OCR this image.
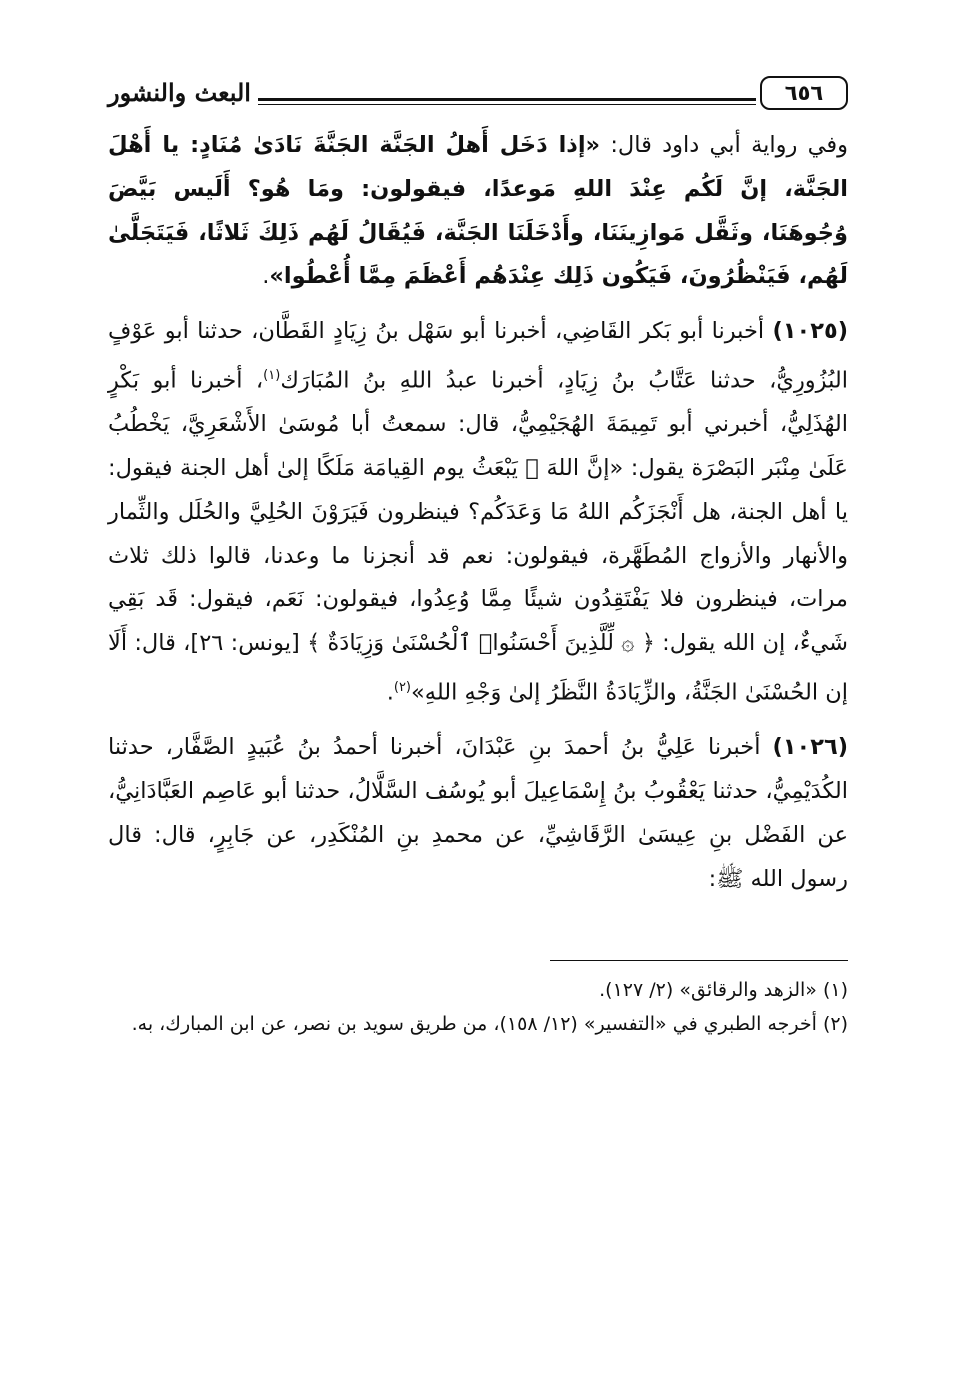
٦٥٦
البعث والنشور

وفي رواية أبي داود قال: «إذا دَخَل أَهلُ الجَنَّة الجَنَّةَ نَادَىٰ مُنَادٍ: يا أَهْلَ الجَنَّة، إنَّ لَكُم عِنْدَ اللهِ مَوعدًا، فيقولون: ومَا هُو؟ أَلَيس بَيَّضَ وُجُوهَنَا، وثَقَّل مَوازِينَنَا، وأَدْخَلَنَا الجَنَّة، فَيُقَالُ لَهُم ذَلِكَ ثَلاثًا، فَيَتَجَلَّىٰ لَهُم، فَيَنْظُرُونَ، فَيَكُون ذَلِك عِنْدَهُم أَعْظَمَ مِمَّا أُعْطُوا».

(١٠٢٥) أخبرنا أبو بَكر القَاضِي، أخبرنا أبو سَهْل بنُ زِيَادٍ القَطَّان، حدثنا أبو عَوْفٍ البُزُورِيُّ، حدثنا عَتَّابُ بنُ زِيَادٍ، أخبرنا عبدُ اللهِ بنُ المُبَارَك$^{(١)}$، أخبرنا أبو بَكْرٍ الهُذَلِيُّ، أخبرني أبو تَمِيمَةَ الهُجَيْمِيُّ، قال: سمعتُ أبا مُوسَىٰ الأَشْعَرِيَّ، يَخْطُبُ عَلَىٰ مِنْبَر البَصْرَة يقول: «إنَّ اللهَ ﷻ يَبْعَثُ يوم القِيامَة مَلَكًا إلىٰ أهل الجنة فيقول: يا أهل الجنة، هل أَنْجَزَكُم اللهُ مَا وَعَدَكُم؟ فينظرون فَيَرَوْنَ الحُلِيَّ والحُلَل والثِّمار والأنهار والأزواج المُطَهَّرة، فيقولون: نعم قد أنجزنا ما وعدنا، قالوا ذلك ثلاث مرات، فينظرون فلا يَفْتَقِدُون شيئًا مِمَّا وُعِدُوا، فيقولون: نَعَم، فيقول: قَد بَقِي شَيءٌ، إن الله يقول: ﴿ ۞ لِّلَّذِينَ أَحْسَنُوا۟ ٱلْحُسْنَىٰ وَزِيَادَةٌ ﴾ [يونس: ٢٦]، قال: أَلَا إن الحُسْنَىٰ الجَنَّةُ، والزِّيَادَةُ النَّظَرُ إلىٰ وَجْهِ اللهِ»$^{(٢)}$.

(١٠٢٦) أخبرنا عَلِيُّ بنُ أحمدَ بنِ عَبْدَانَ، أخبرنا أحمدُ بنُ عُبَيدٍ الصَّفَّار، حدثنا الكُدَيْمِيُّ، حدثنا يَعْقُوبُ بنُ إِسْمَاعِيلَ أبو يُوسُف السَّلَّالُ، حدثنا أبو عَاصِم العَبَّادَانِيُّ، عن الفَضْل بنِ عِيسَىٰ الرَّقَاشِيِّ، عن محمدِ بنِ المُنْكَدِر، عن جَابِرٍ، قال: قال رسول الله ﷺ:

(١) «الزهد والرقائق» (٢/ ١٢٧).

(٢) أخرجه الطبري في «التفسير» (١٢/ ١٥٨)، من طريق سويد بن نصر، عن ابن المبارك، به.
